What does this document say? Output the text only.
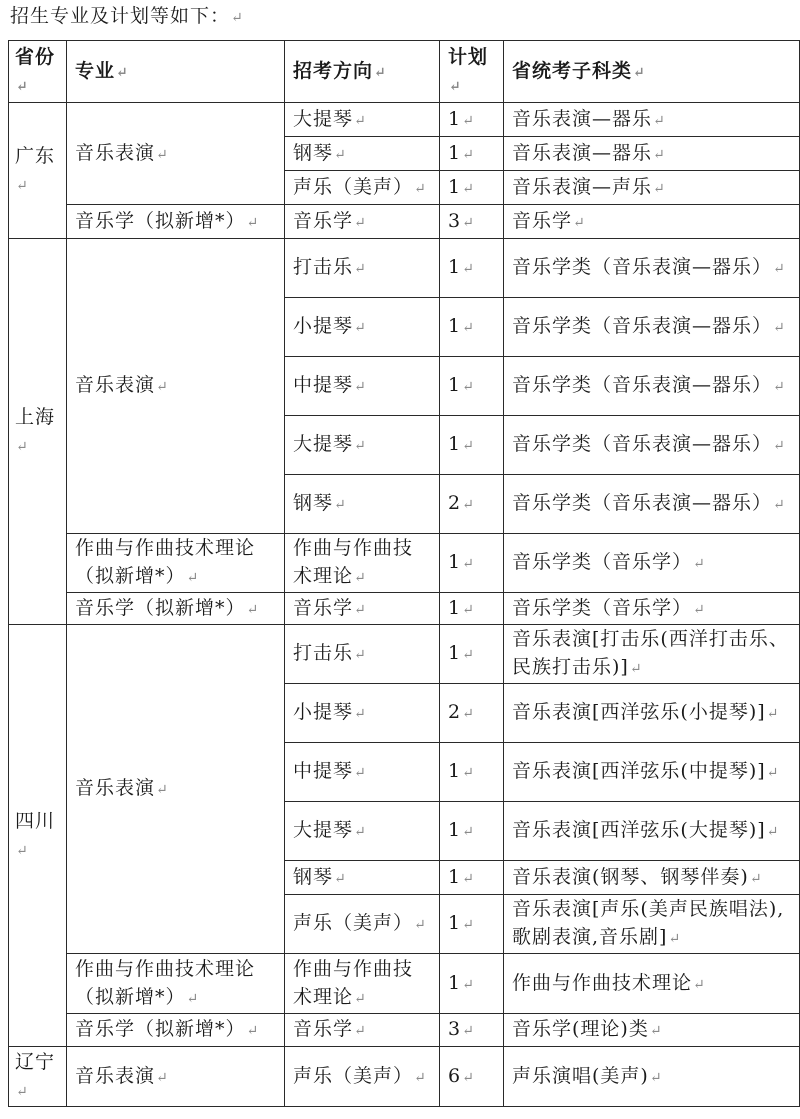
招生专业及计划等如下：↵
省份↵	专业↵	招考方向↵	计划↵	省统考子科类↵
广东↵	音乐表演↵	大提琴↵	1↵	音乐表演—器乐↵
		钢琴↵	1↵	音乐表演—器乐↵
		声乐（美声）↵	1↵	音乐表演—声乐↵
	音乐学（拟新增*）↵	音乐学↵	3↵	音乐学↵
上海↵	音乐表演↵	打击乐↵	1↵	音乐学类（音乐表演—器乐）↵
		小提琴↵	1↵	音乐学类（音乐表演—器乐）↵
		中提琴↵	1↵	音乐学类（音乐表演—器乐）↵
		大提琴↵	1↵	音乐学类（音乐表演—器乐）↵
		钢琴↵	2↵	音乐学类（音乐表演—器乐）↵
	作曲与作曲技术理论（拟新增*）↵	作曲与作曲技术理论↵	1↵	音乐学类（音乐学）↵
	音乐学（拟新增*）↵	音乐学↵	1↵	音乐学类（音乐学）↵
四川↵	音乐表演↵	打击乐↵	1↵	音乐表演[打击乐(西洋打击乐、民族打击乐)]↵
		小提琴↵	2↵	音乐表演[西洋弦乐(小提琴)]↵
		中提琴↵	1↵	音乐表演[西洋弦乐(中提琴)]↵
		大提琴↵	1↵	音乐表演[西洋弦乐(大提琴)]↵
		钢琴↵	1↵	音乐表演(钢琴、钢琴伴奏)↵
		声乐（美声）↵	1↵	音乐表演[声乐(美声民族唱法),歌剧表演,音乐剧]↵
	作曲与作曲技术理论（拟新增*）↵	作曲与作曲技术理论↵	1↵	作曲与作曲技术理论↵
	音乐学（拟新增*）↵	音乐学↵	3↵	音乐学(理论)类↵
辽宁↵	音乐表演↵	声乐（美声）↵	6↵	声乐演唱(美声)↵
